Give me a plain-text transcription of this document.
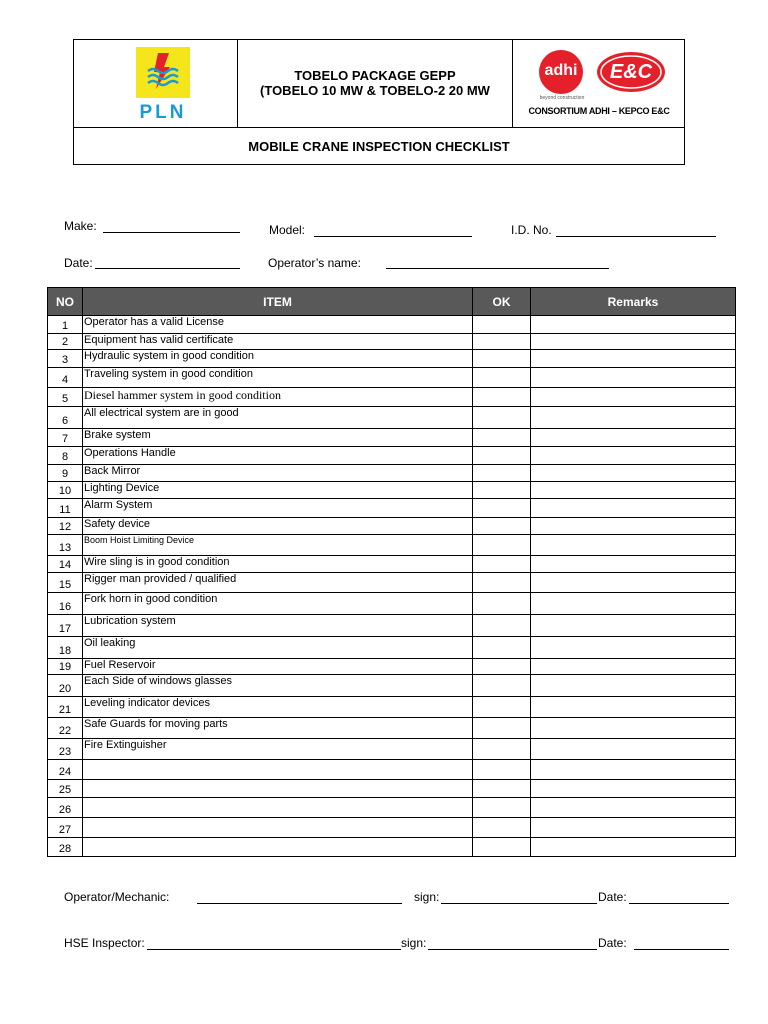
PLN
TOBELO PACKAGE GEPP
(TOBELO 10 MW & TOBELO-2 20 MW
adhi
beyond construction
E&C
CONSORTIUM ADHI – KEPCO E&C
MOBILE CRANE INSPECTION CHECKLIST
Make:	Model:	I.D. No.
Date:	Operator’s name:
NO	ITEM	OK	Remarks
1	Operator has a valid License		
2	Equipment has valid certificate		
3	Hydraulic system in good condition		
4	Traveling system in good condition		
5	Diesel hammer system in good condition		
6	All electrical system are in good		
7	Brake system		
8	Operations Handle		
9	Back Mirror		
10	Lighting Device		
11	Alarm System		
12	Safety device		
13	Boom Hoist Limiting Device		
14	Wire sling is in good condition		
15	Rigger man provided / qualified		
16	Fork horn in good condition		
17	Lubrication system		
18	Oil leaking		
19	Fuel Reservoir		
20	Each Side of windows glasses		
21	Leveling indicator devices		
22	Safe Guards for moving parts		
23	Fire Extinguisher		
24			
25			
26			
27			
28			
Operator/Mechanic:	sign:	Date:
HSE Inspector:	sign:	Date:
